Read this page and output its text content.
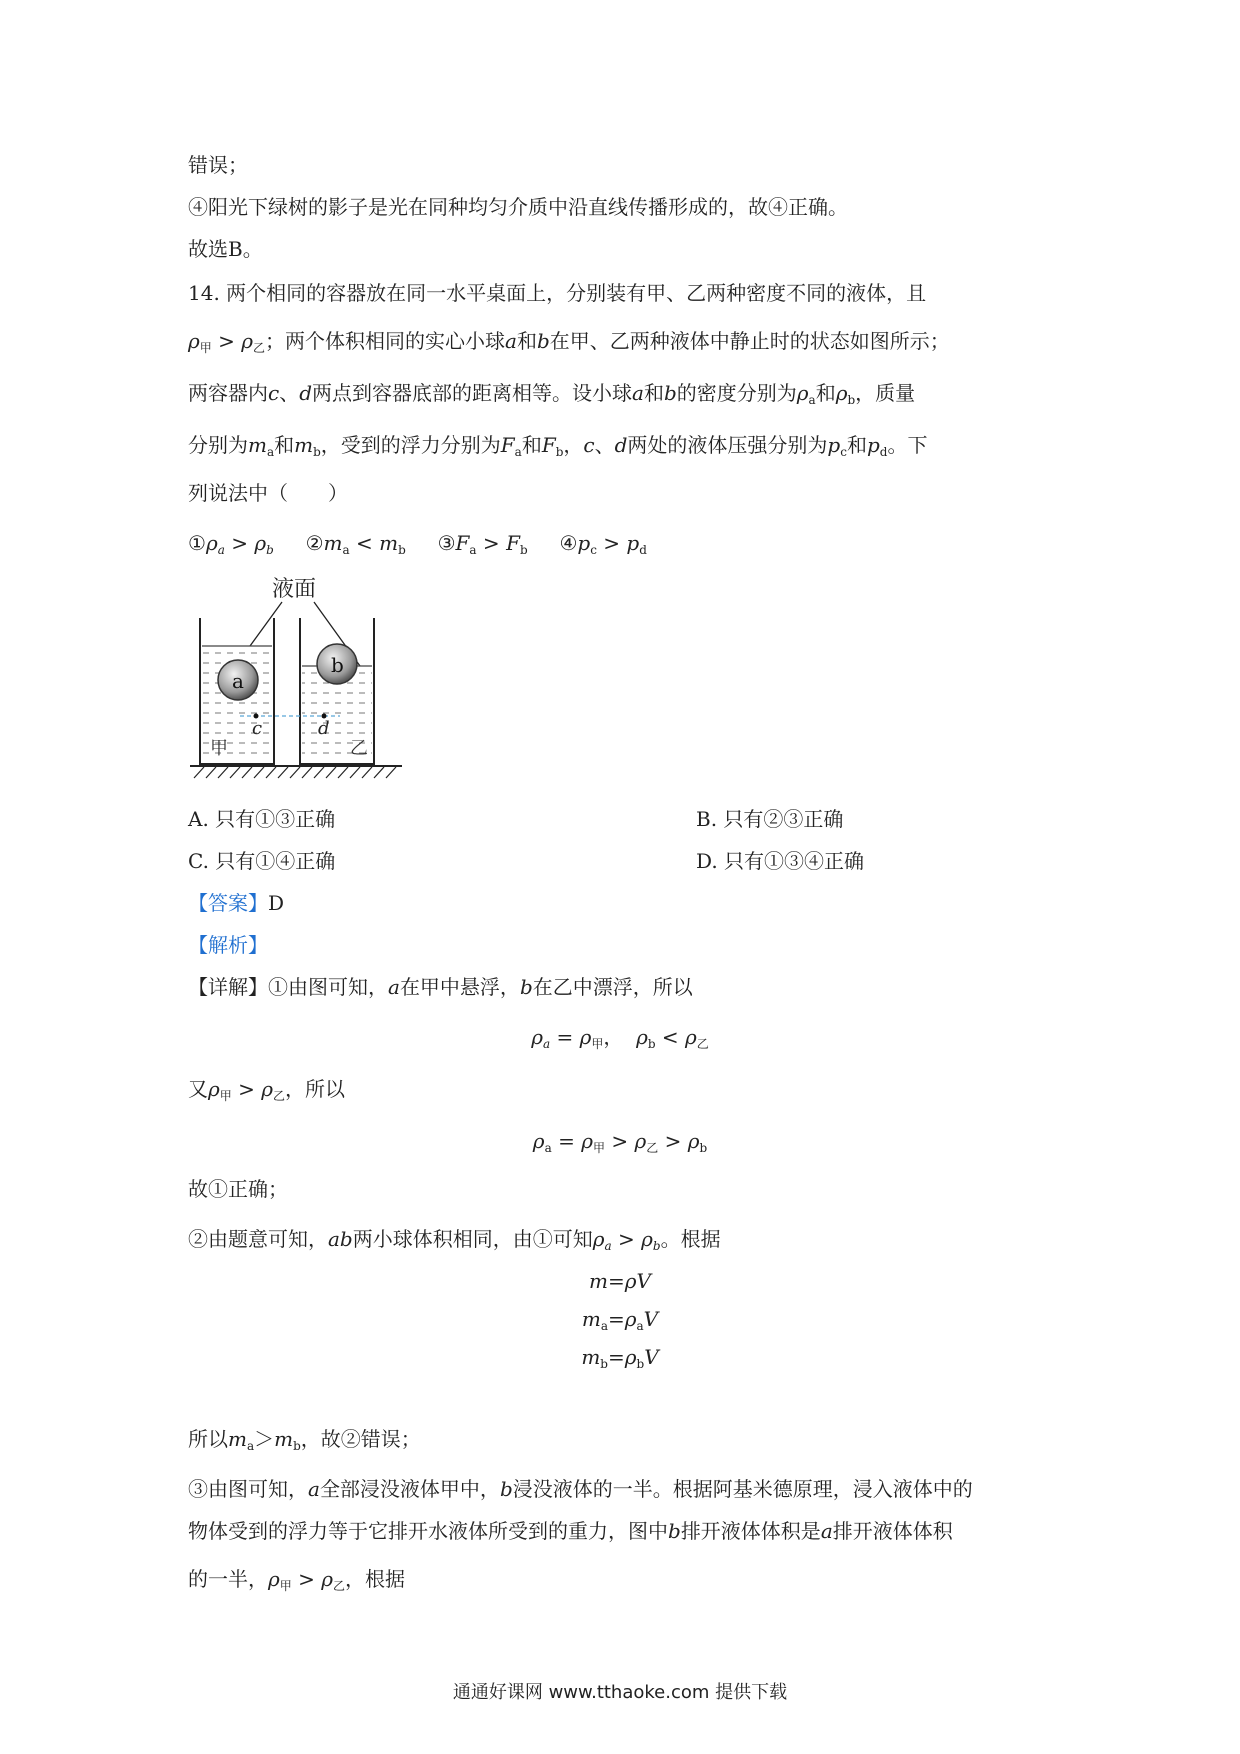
错误；
④阳光下绿树的影子是光在同种均匀介质中沿直线传播形成的，故④正确。
故选B。
14. 两个相同的容器放在同一水平桌面上，分别装有甲、乙两种密度不同的液体，且
$\rho_甲 > \rho_乙$；两个体积相同的实心小球a和b在甲、乙两种液体中静止时的状态如图所示；
两容器内c、d两点到容器底部的距离相等。设小球a和b的密度分别为$\rho_a$和$\rho_b$，质量
分别为$m_a$和$m_b$，受到的浮力分别为$F_a$和$F_b$，c、d两处的液体压强分别为$p_c$和$p_d$。下
列说法中（　　）
$①\rho_a > \rho_b$ $②m_a < m_b$ $③F_a > F_b$ $④p_c > p_d$
液面
a
b
c	d
甲	乙
A. 只有①③正确	B. 只有②③正确
C. 只有①④正确	D. 只有①③④正确
【答案】D
【解析】
【详解】①由图可知，a在甲中悬浮，b在乙中漂浮，所以
$\rho_a = \rho_甲$，  $\rho_b < \rho_乙$
又$\rho_甲 > \rho_乙$，所以
$\rho_a = \rho_甲 > \rho_乙 > \rho_b$
故①正确；
②由题意可知，ab两小球体积相同，由①可知$\rho_a > \rho_b$。根据
m=ρV
$m_a=\rho_aV$
$m_b=\rho_bV$
所以$m_a>m_b$，故②错误；
③由图可知，a全部浸没液体甲中，b浸没液体的一半。根据阿基米德原理，浸入液体中的
物体受到的浮力等于它排开水液体所受到的重力，图中b排开液体体积是a排开液体体积
的一半，$\rho_甲 > \rho_乙$，根据
通通好课网 www.tthaoke.com 提供下载
